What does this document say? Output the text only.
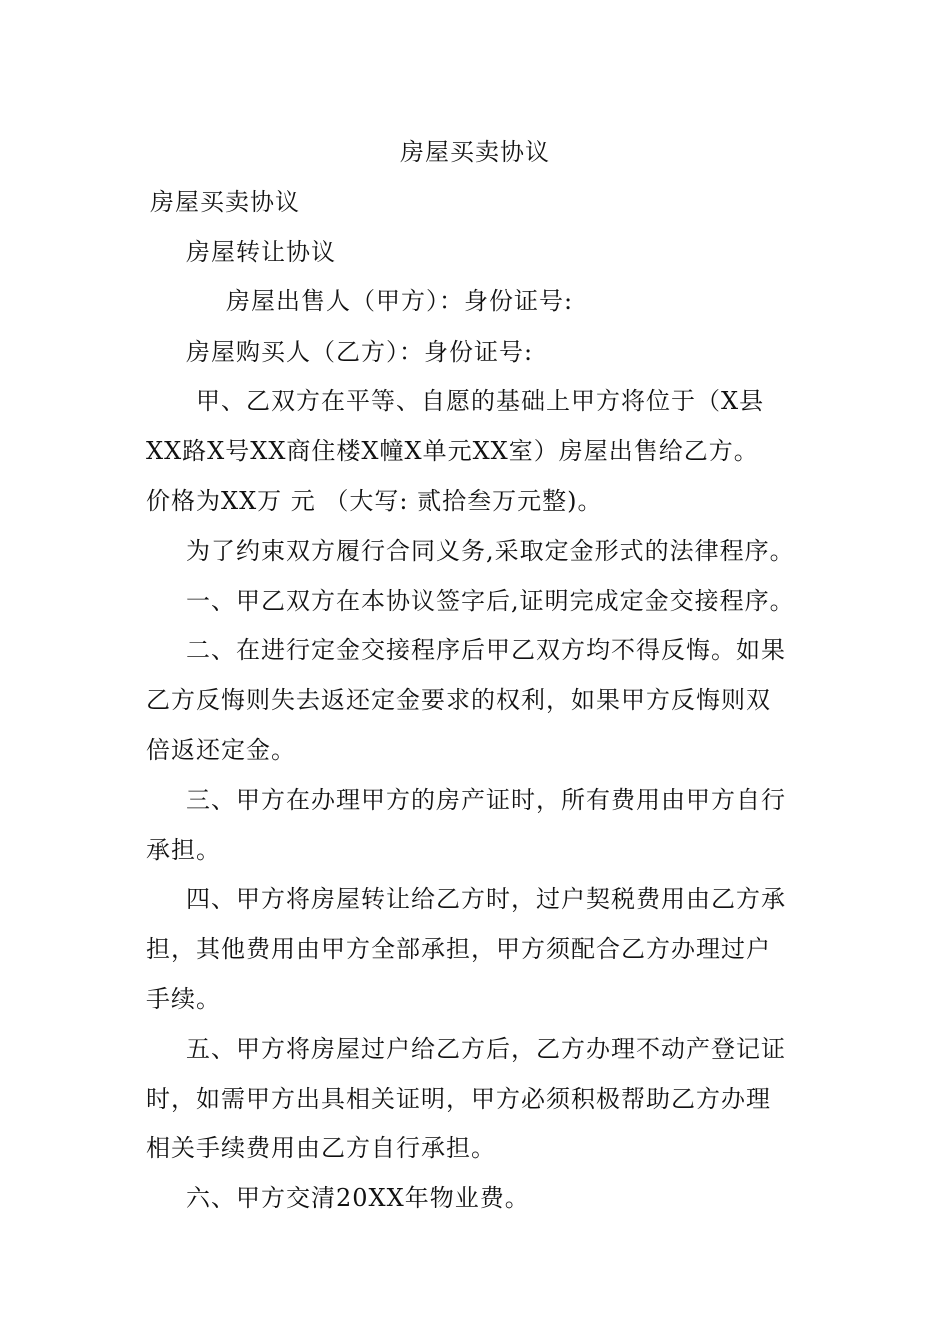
房屋买卖协议
房屋买卖协议
房屋转让协议
房屋出售人（甲方）：身份证号:
房屋购买人（乙方）：身份证号:
甲、乙双方在平等、自愿的基础上甲方将位于（X县
XX路X号XX商住楼X幢X单元XX室）房屋出售给乙方。
价格为XX万 元 （大写: 贰拾叁万元整)。
为了约束双方履行合同义务,采取定金形式的法律程序。
一、甲乙双方在本协议签字后,证明完成定金交接程序。
二、在进行定金交接程序后甲乙双方均不得反悔。如果
乙方反悔则失去返还定金要求的权利，如果甲方反悔则双
倍返还定金。
三、甲方在办理甲方的房产证时，所有费用由甲方自行
承担。
四、甲方将房屋转让给乙方时，过户契税费用由乙方承
担，其他费用由甲方全部承担，甲方须配合乙方办理过户
手续。
五、甲方将房屋过户给乙方后，乙方办理不动产登记证
时，如需甲方出具相关证明，甲方必须积极帮助乙方办理
相关手续费用由乙方自行承担。
六、甲方交清20XX年物业费。
